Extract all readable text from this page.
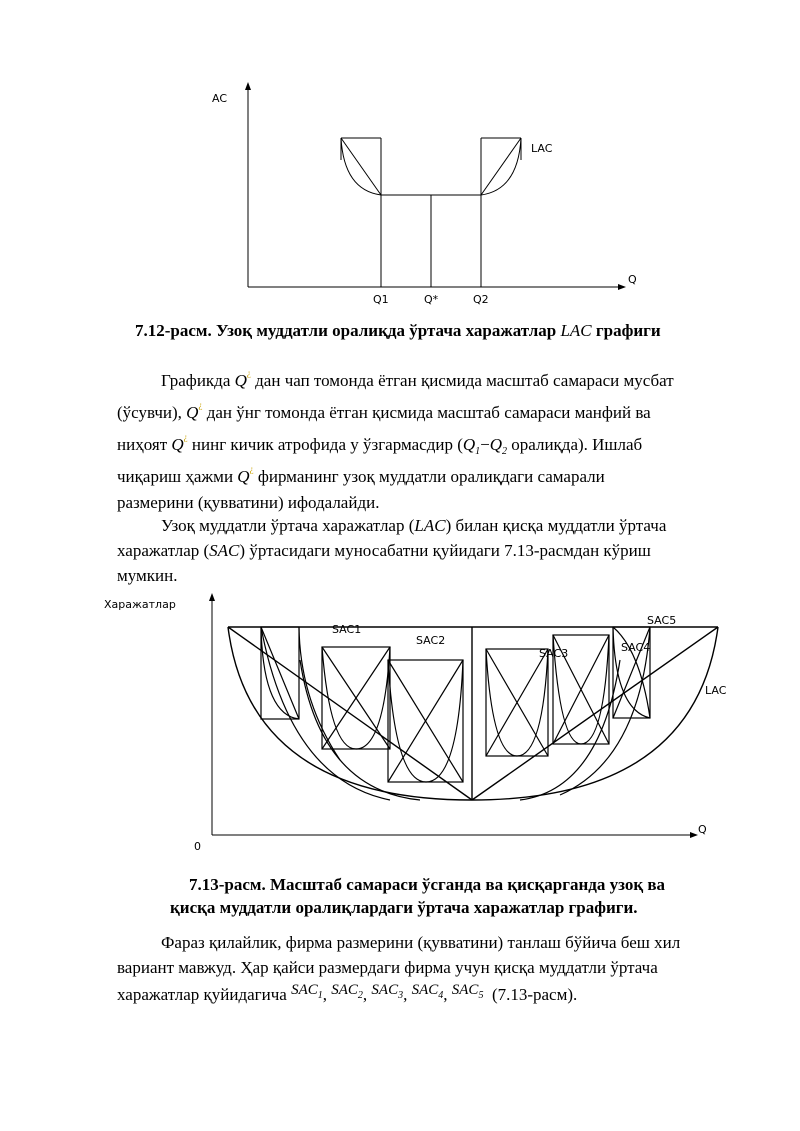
AC
Q
LAC
Q1	Q*	Q2
7.12-расм. Узоқ муддатли оралиқда ўртача харажатлар LAC графиги
Графикда Q¿ дан чап томонда ётган қисмида масштаб самараси мусбат
(ўсувчи), Q¿ дан ўнг томонда ётган қисмида масштаб самараси манфий ва
ниҳоят Q¿ нинг кичик атрофида у ўзгармасдир ($Q_1-Q_2$ оралиқда). Ишлаб
чиқариш ҳажми Q¿ фирманинг узоқ муддатли оралиқдаги самарали
размерини (қувватини) ифодалайди.
Узоқ муддатли ўртача харажатлар (LAC) билан қисқа муддатли ўртача
харажатлар (SAC) ўртасидаги муносабатни қуйидаги 7.13-расмдан кўриш
мумкин.
Харажатлар
Q
0
SAC1
SAC2
SAC3	SAC4
SAC5
LAC
7.13-расм. Масштаб самараси ўсганда ва қисқарганда узоқ ва
қисқа муддатли оралиқлардаги ўртача харажатлар графиги.
Фараз қилайлик, фирма размерини (қувватини) танлаш бўйича беш хил
вариант мавжуд. Ҳар қайси размердаги фирма учун қисқа муддатли ўртача
харажатлар қуйидагича SAC1, SAC2, SAC3, SAC4, SAC5 (7.13-расм).
